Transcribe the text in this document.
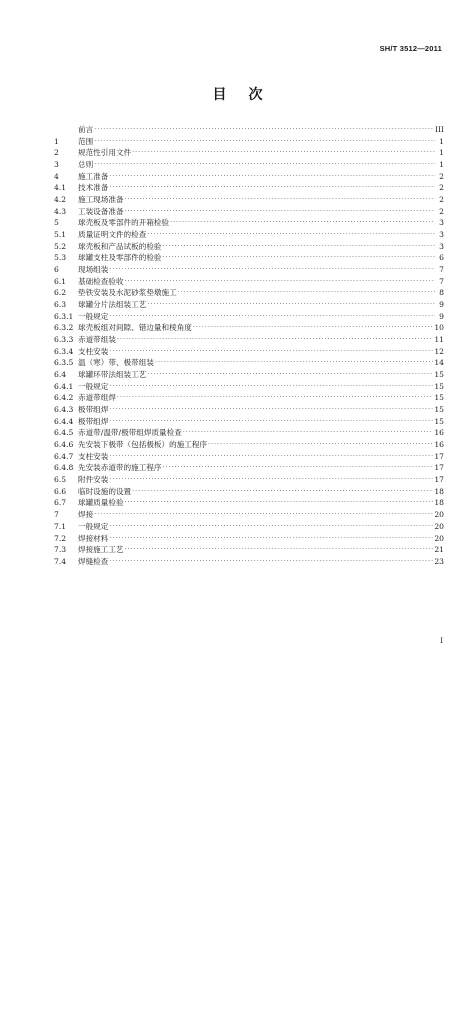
SH/T 3512—2011
目次
前言 ·····	III
1	范围 ·····	1
2	规范性引用文件 ·····	1
3	总则 ·····	1
4	施工准备 ·····	2
4.1	技术准备 ·····	2
4.2	施工现场准备 ·····	2
4.3	工装设备准备 ·····	2
5	球壳板及零部件的开箱检验 ·····	3
5.1	质量证明文件的检查 ·····	3
5.2	球壳板和产品试板的检验 ·····	3
5.3	球罐支柱及零部件的检验 ·····	6
6	现场组装 ·····	7
6.1	基础检查验收 ·····	7
6.2	垫铁安装及水泥砂浆垫墩施工 ·····	8
6.3	球罐分片法组装工艺 ·····	9
6.3.1 一般规定 ·····	9
6.3.2 球壳板组对间隙、错边量和棱角度 ·····	10
6.3.3 赤道带组装 ·····	11
6.3.4 支柱安装 ·····	12
6.3.5 温（寒）带、极带组装 ·····	14
6.4	球罐环带法组装工艺 ·····	15
6.4.1 一般规定 ·····	15
6.4.2 赤道带组焊 ·····	15
6.4.3 极带组焊 ·····	15
6.4.4 极带组焊 ·····	15
6.4.5 赤道带/温带/极带组焊质量检查 ·····	16
6.4.6 先安装下极带（包括极板）的施工程序 ·····	16
6.4.7 支柱安装 ·····	17
6.4.8 先安装赤道带的施工程序 ·····	17
6.5	附件安装 ·····	17
6.6	临时设施的设置 ·····	18
6.7	球罐质量检验 ·····	18
7	焊接 ·····	20
7.1	一般规定 ·····	20
7.2	焊接材料 ·····	20
7.3	焊接施工工艺 ·····	21
7.4	焊缝检查 ·····	23
I
